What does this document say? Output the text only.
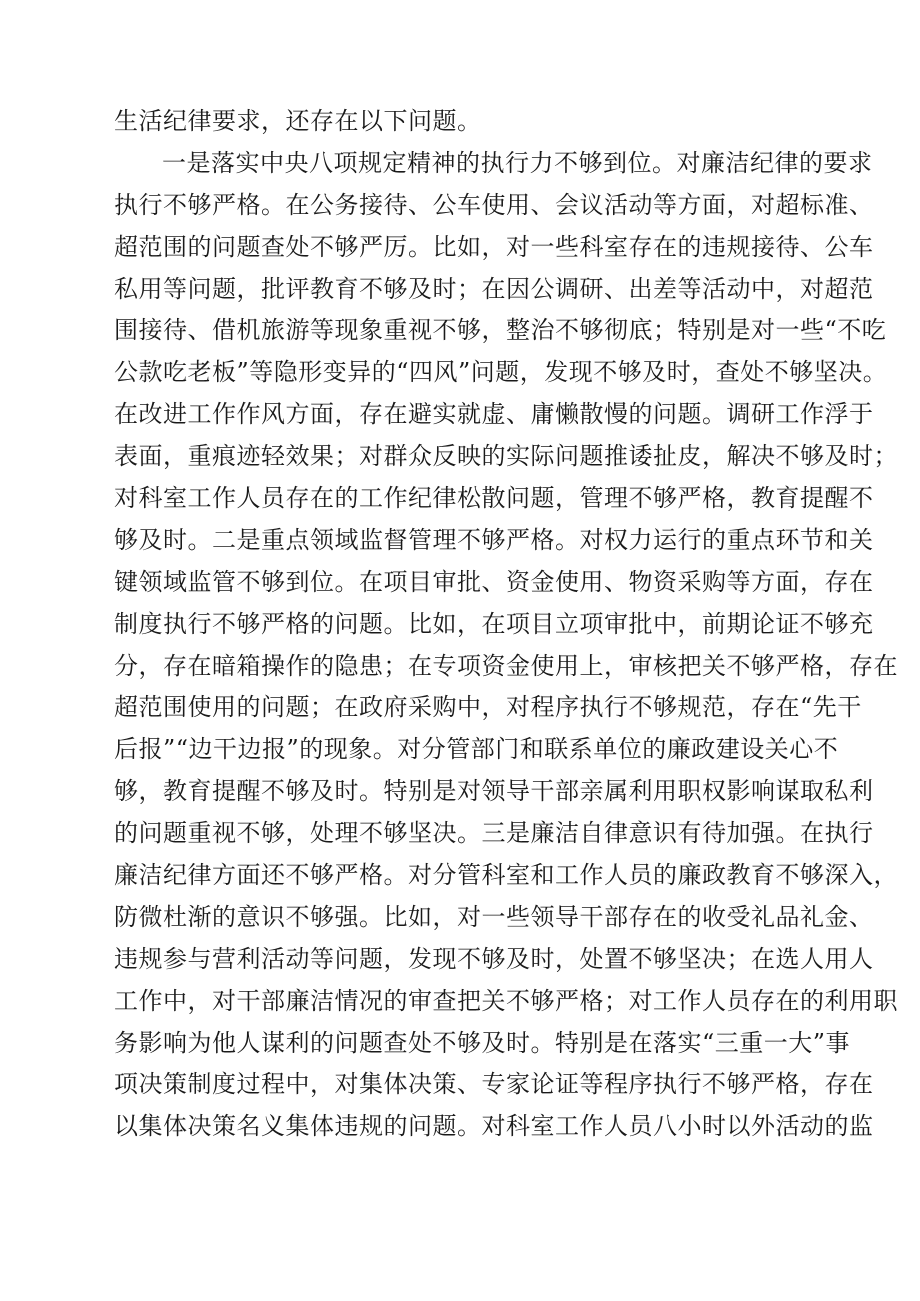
生活纪律要求，还存在以下问题。
一是落实中央八项规定精神的执行力不够到位。对廉洁纪律的要求
执行不够严格。在公务接待、公车使用、会议活动等方面，对超标准、
超范围的问题查处不够严厉。比如，对一些科室存在的违规接待、公车
私用等问题，批评教育不够及时；在因公调研、出差等活动中，对超范
围接待、借机旅游等现象重视不够，整治不够彻底；特别是对一些“不吃
公款吃老板”等隐形变异的“四风”问题，发现不够及时，查处不够坚决。
在改进工作作风方面，存在避实就虚、庸懒散慢的问题。调研工作浮于
表面，重痕迹轻效果；对群众反映的实际问题推诿扯皮，解决不够及时；
对科室工作人员存在的工作纪律松散问题，管理不够严格，教育提醒不
够及时。二是重点领域监督管理不够严格。对权力运行的重点环节和关
键领域监管不够到位。在项目审批、资金使用、物资采购等方面，存在
制度执行不够严格的问题。比如，在项目立项审批中，前期论证不够充
分，存在暗箱操作的隐患；在专项资金使用上，审核把关不够严格，存在
超范围使用的问题；在政府采购中，对程序执行不够规范，存在“先干
后报”“边干边报”的现象。对分管部门和联系单位的廉政建设关心不
够，教育提醒不够及时。特别是对领导干部亲属利用职权影响谋取私利
的问题重视不够，处理不够坚决。三是廉洁自律意识有待加强。在执行
廉洁纪律方面还不够严格。对分管科室和工作人员的廉政教育不够深入，
防微杜渐的意识不够强。比如，对一些领导干部存在的收受礼品礼金、
违规参与营利活动等问题，发现不够及时，处置不够坚决；在选人用人
工作中，对干部廉洁情况的审查把关不够严格；对工作人员存在的利用职
务影响为他人谋利的问题查处不够及时。特别是在落实“三重一大”事
项决策制度过程中，对集体决策、专家论证等程序执行不够严格，存在
以集体决策名义集体违规的问题。对科室工作人员八小时以外活动的监
